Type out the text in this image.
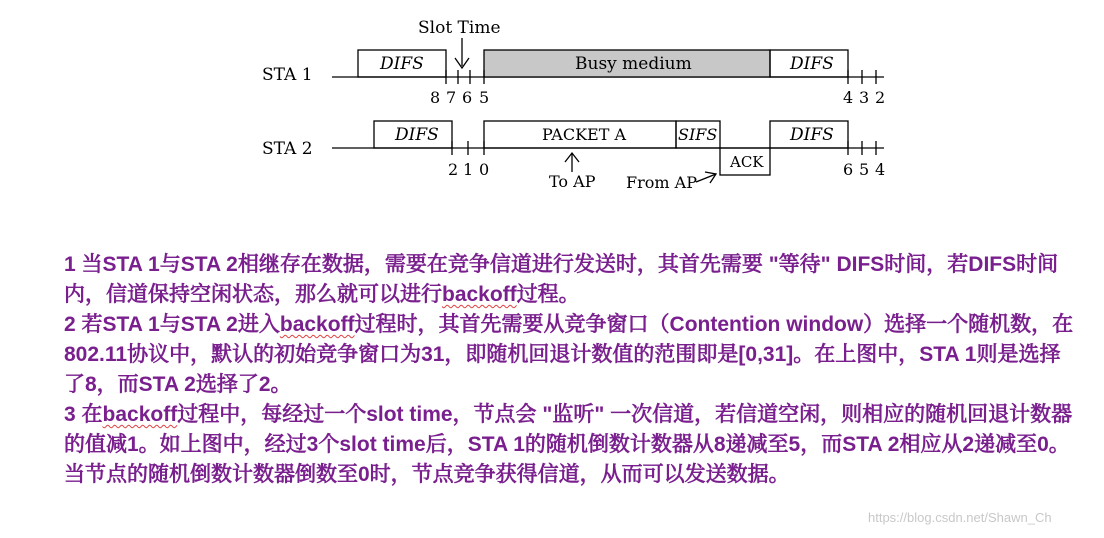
Slot Time
STA 1
DIFS	Busy medium	DIFS
8 7 6 5	4 3 2
STA 2
DIFS	PACKET A	SIFS
ACK
DIFS
2 1 0	6 5 4
To AP From AP

1 当STA 1与STA 2相继存在数据，需要在竞争信道进行发送时，其首先需要 "等待" DIFS时间，若DIFS时间内，信道保持空闲状态，那么就可以进行backoff过程。

2 若STA 1与STA 2进入backoff过程时，其首先需要从竞争窗口（Contention window）选择一个随机数，在802.11协议中，默认的初始竞争窗口为31，即随机回退计数值的范围即是[0,31]。在上图中，STA 1则是选择了8，而STA 2选择了2。

3 在backoff过程中，每经过一个slot time，节点会 "监听" 一次信道，若信道空闲，则相应的随机回退计数器的值减1。如上图中，经过3个slot time后，STA 1的随机倒数计数器从8递减至5，而STA 2相应从2递减至0。当节点的随机倒数计数器倒数至0时，节点竞争获得信道，从而可以发送数据。

https://blog.csdn.net/Shawn_Ch
